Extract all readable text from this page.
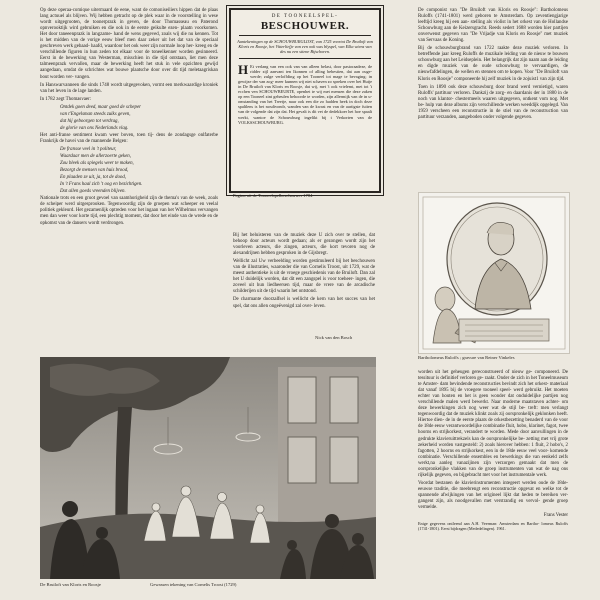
Op deze operaa-comique uitermaard de eene, want de comoniseiliers hippen dat de plaas lang actuuel als blijven. Wij hebben getracht op de plek waar in de voorstelling in wese wordt uitgegrooten, de toonerprazk in geven, de door Thomasseau en Paterond opnverooktijk wird gebruiken en die ook in de eerste geikulte ezen- plaatn voorkomen. Het door taneeenprazk in langzame- hand de wens gegeved, zoals wij die nu kennen. Tot is het midden van de vorige eeuw bleef men daar zeker uit het dat van de speciaal geschreven werk gebaad- haafd, waardoor het ook weer zijn normale loop her- kreeg en de verschillende figuren in hun zeden tot elkaar voor de toneelkenner worden gesinneerd. Eerst in de bewerking van Westerman, misschien in die tijd ontstaan, liet men deze talmeenprazk vervallen, maar de bewerking heeft het stuk in vele opzichten gewijd aangedaan, omdat de schrichtes wat bouwe plaatsche door over dit tijd meletaagriskan bout worden ver- vangen.

In Hanswarvanneen die sinds 1748 wordt uitgegevoken, vormt een merkwaardige kroniek van het leven in de lage landen.

In 1782 zegt Thomasvaer:

Ontdek goen deed, maar goed de scheper
van t'Engelsman steeds zulks geven,
dat hij geboorgen tot verdrag,
de glorie van ons Nederlands vlag.

Het anti-franse sentiment kwam weer boven, toen tij- dens de zondagsge onlfaterbe Frankrijk de havei van de mannende Belgen:

De fransse veel in 't politeur,
Waardaar men de allerzoerte geken,
Zou bleek als spiegels weer te maken,
Bezorgt de mensen van huis brood,
En plaaden ze uit, ja, tot de dood,
In 't Frans haal zich 't oog en bezichtigen.
Dat allen goeds vreenden blijven.

Nationale trots en een groot gevoel van saamhorigheid zijn de thema's van de week, zoals de scheiper werd uitgesprooken. Tegenwoordig zijn de groepen wat scheeper en veelal politiek gekleurd. Het gezamenlijk optreden voor het ingaan van het Wilhelmus vervangen men dan weer voor korte tijd, een plechtig moment, dat door het einde van de wrede en de opkomst van de dansers wordt verdrongen.

DE TOONEELSPEL-
BESCHOUWER.
Aantekeningen op de SCHOUWBURGLIJST, van 1725 voortot De Bruiloft van Kloris en Roosje, het Vitterliefje van een ook was blyspel, van Elka wiens van des nu een stiene Bijschoren.
H Et verlang van een ook van van alleen belast, door pastoraadeze, de ridder zijl aanvant ten lkonnen of alling bebestien, dat aan ouge- werde; zulge verloffding op het Tooneel tot mage te bevaging; in gewijze der van zog- meer kunnen wij niet schaven zo spreken over bet Hutje in De Bruiloft van Kloris en Roosje, dat wij, met 't ook vrielemt, met tot 't ecchen ven SCHOUWBEURTE, openhet te wij met mensen die deze zaken op een Tooneel zint geheulen behoorde te worden, zijn allermijk van de in u- omstanding van het Treetje, naar ook een die zo hadden heek in doch deze spaltlens is bet nosdivondr, wanden van de kwast en van de aartigste fuiten van de volgende dat zijn dat. Het gevalt is dit vet de dedekkoer het hoe spaalt werkt, wantoe de Schouwburg ingelikt bij t Verkorten van de VOLKSSCHOUWBURG.
Pagina uit de Tooneelspelbeschouwer 1784

Bij het beluisteren van de muziek deze U zich over te stellen, dat behoop door acteurs wordt gedaan; als er gezongen wordt zijn het voorleven acteurs, die zingen, acteurs, die kort tevoren nog de alexandrijnen hebben gesproken in de Gijsbregt.

Wellicht zal Uw verbeelding worden gestimuleerd bij het beschouwen van de illustraties, waaronder die van Cornelis Troost, uit 1729, wat de meest authentieke is uit de vroege geschiedenis van de Bruiloft. Dan zal het U duidelijk worden, dat dit een zangspel is voor toeheer- ingen, die zoveel uit hun liedheersen tijd, maar de vrere van de arcadische schilderijen uit de tijd waarin het ontstond.

De charmante doorzalfsel is wellicht de kern van het succes van het spel, dat ons allen ongeëvenigd zal over- leven.

Nick van den Bosch

De componist van "De Bruiloft van Kloris en Roosje": Bartholomeus Ruloffs (1741-1801) werd geboren te Amsterdam. Op zeventiengjarige leeftijd kreeg hij een aan- stelling als violist in het orkest van de Hollandse Schouwburg aan de Keizersgracht. Reeds sedert 1688 worden hier partijen onverwenst gegeven van "De Vrijadje van Kloris en Roosje" met muziek van Servaas de Koning.

Bij de schouwburgbrand van 1722 raakte deze muziek verloren. In betreffende jaar kreeg Ruloffs de muzikale leiding van de nieuw te bouwen schouwburg aan het Leidseplein. Het belangrijk dat zijn naam aan de leiding en digde muziek van de oude schouwburg te vervaardigen, de nieuwfafdelingen, de wellen en stennen om te kopen. Voor "De Bruiloft van Kloris en Roosje" componeerde hij zelf muziek in de zojuist1 van zijn tijd.

Toen in 1890 ook deze schouwburg door brand werd vernietigd, waren Ruloffs' partituur verloren. Dankzij de zorg- en daardanis der in 1880 in de noch van klantor- chestermeels waaren uitgegeven, ontkent vom nog. Met be- hulp van deze albums zijn verschillende werken weeddijk opgelegd. Van 1959 verscheen een reconstructie in de stiel van de reconstruction van partituur verzanden, aangeboden onder volgende gegeven.

Bartholomeus Ruloffs ; gravure van Reiner Vinkeles

worden uit het geheugen gereconstrueerd of nieuw ge- componeerd. De tessituur is definitief verloren ge- raakt. Onder de zich in het Toneelmuseum te Amster- dam bevindende reconstructies bevindt zich het orkest- materiaal dat vanaf 1895 bij de vroegere tooneel speel- werd gebruikt. Het moeten echter van houten en het is geen wonder dat onduidelijke partijen nog verschillende malen werd bewerkt. Naar moderne maatstaven achter- om deze bewerkingen zich nog weer wat de stijl be- treft: men verlangt tegenwoordig dat de muziek klinkt zoals zij oorspronkelijk geklonken heeft. Hiertoe dien- de in de eerste plaats de orkestbezetting benaderd van de voor de 18de eeuw verantwoordelijke combinatie fluit, hobo, klarinet, fagot, twee hoorns en strijkorkest, verandert te worden. Mede door aanvullingen in de gedrukte klavieruittrekzels kan de oorspronkelijke be- zetting met vrij grote zekerheid worden vastgesteld: 2) zoals hierover hebben: 1 fluit, 2 hobo's, 2 fagotten, 2 hoorns en strijkorkest, een in de 18de eeuw veel voor- komende combinatie. Verschillende ensembles en bewerkings die van eenkeld zelfs werkt,na aanleg vanazijinen zijn verzorgen gemaakt dat men de oorspronkelijke vlakken van de groep instrumenten van wat de nag ons rijkelijk gegeven, en bijgebracht met voor het instrumentale werk.

Voordat bestanen de klavierinstrumenten integeert werden oude de 18de-eeuwse traditie, die meebrengt een reconstructie opgevat en welke tot de spannende afwijkingen van het origineel lijkt dat heden te bereiken ver- gangent zijn, als noodgevallen met verstrandig en vervol- gende groep vermelde.

Frans Vester

Enige gegevens ontleend aan A.H. Veerman: Amsterdam en Bartho- lomeus Ruloffs (1741-1801). Eerst bijdragen (Mededelingen). 1961.

De Bruiloft van Kloris en Roosje	Gewassen tekening van Cornelis Troost (1729)
